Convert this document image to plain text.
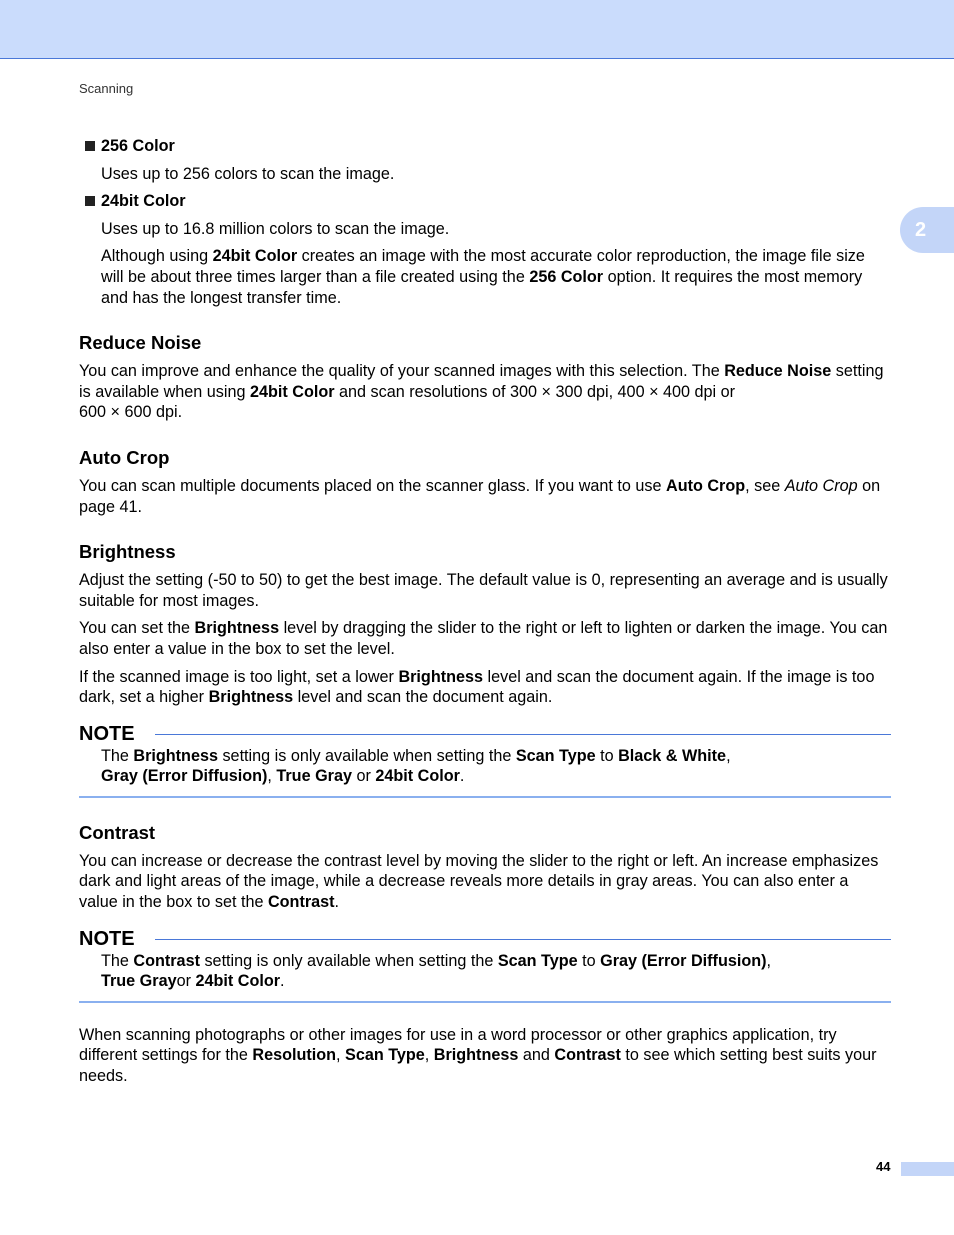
Scanning
2
256 Color

Uses up to 256 colors to scan the image.

24bit Color

Uses up to 16.8 million colors to scan the image.

Although using 24bit Color creates an image with the most accurate color reproduction, the image file size will be about three times larger than a file created using the 256 Color option. It requires the most memory and has the longest transfer time.

Reduce Noise

You can improve and enhance the quality of your scanned images with this selection. The Reduce Noise setting is available when using 24bit Color and scan resolutions of 300 × 300 dpi, 400 × 400 dpi or
600 × 600 dpi.

Auto Crop

You can scan multiple documents placed on the scanner glass. If you want to use Auto Crop, see Auto Crop on page 41.

Brightness

Adjust the setting (-50 to 50) to get the best image. The default value is 0, representing an average and is usually suitable for most images.

You can set the Brightness level by dragging the slider to the right or left to lighten or darken the image. You can also enter a value in the box to set the level.

If the scanned image is too light, set a lower Brightness level and scan the document again. If the image is too dark, set a higher Brightness level and scan the document again.

NOTE
The Brightness setting is only available when setting the Scan Type to Black & White,
Gray (Error Diffusion), True Gray or 24bit Color.
Contrast

You can increase or decrease the contrast level by moving the slider to the right or left. An increase emphasizes dark and light areas of the image, while a decrease reveals more details in gray areas. You can also enter a value in the box to set the Contrast.

NOTE
The Contrast setting is only available when setting the Scan Type to Gray (Error Diffusion),
True Grayor 24bit Color.

When scanning photographs or other images for use in a word processor or other graphics application, try different settings for the Resolution, Scan Type, Brightness and Contrast to see which setting best suits your needs.

44
